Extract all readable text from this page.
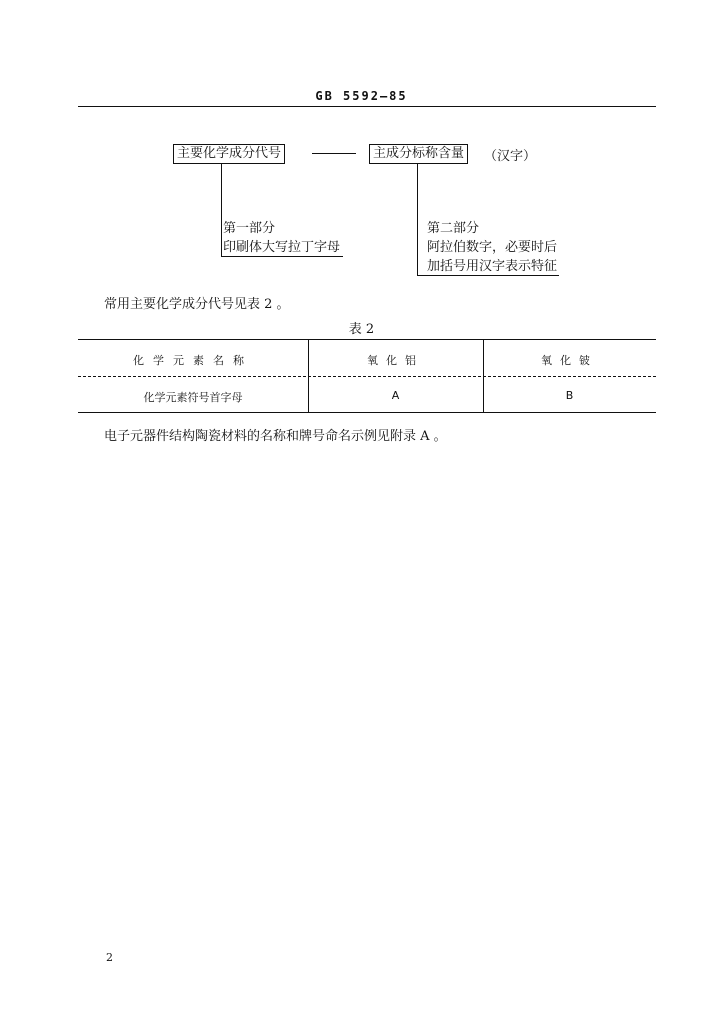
GB 5592—85
主要化学成分代号	主成分标称含量	（汉字）
第一部分
印刷体大写拉丁字母
第二部分
阿拉伯数字，必要时后
加括号用汉字表示特征
常用主要化学成分代号见表 2 。
表 2
化学元素名称	氧化铝	氧化铍
化学元素符号首字母	A	B
电子元器件结构陶瓷材料的名称和牌号命名示例见附录 A 。
2
